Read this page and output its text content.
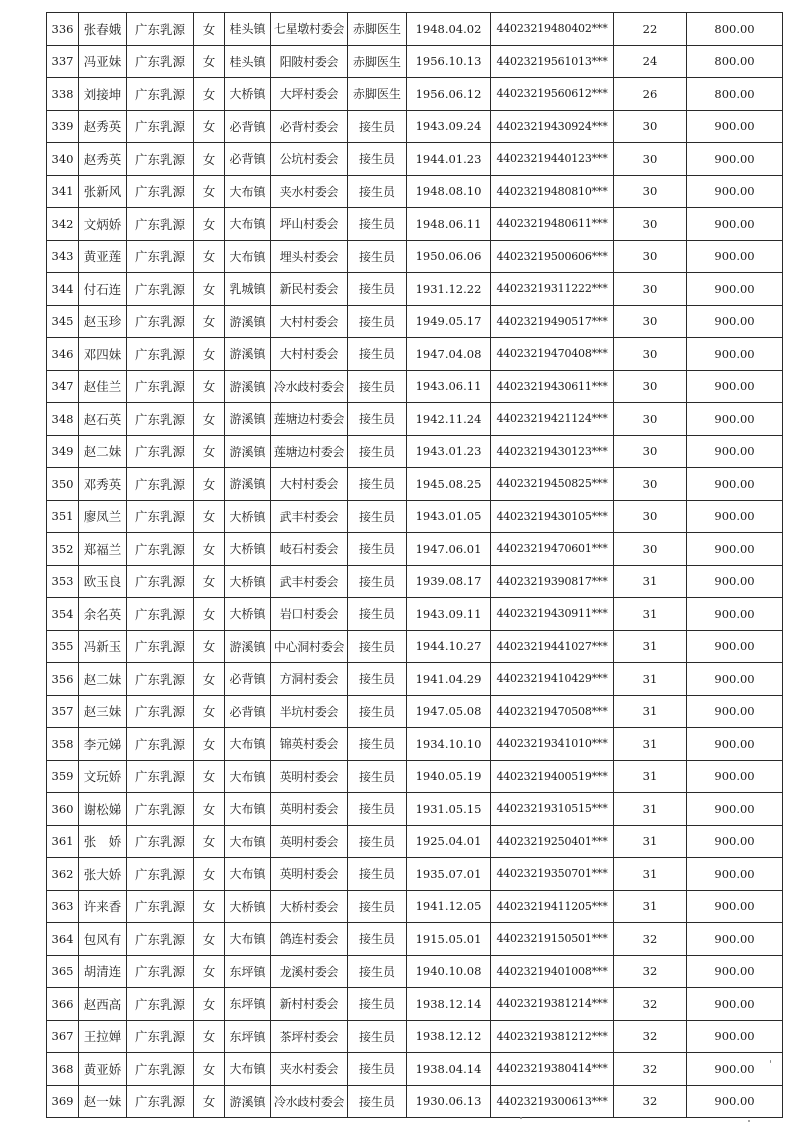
336	张春娥	广东乳源	女	桂头镇	七星墩村委会	赤脚医生	1948.04.02	44023219480402***	22	800.00
337	冯亚妹	广东乳源	女	桂头镇	阳陂村委会	赤脚医生	1956.10.13	44023219561013***	24	800.00
338	刘接坤	广东乳源	女	大桥镇	大坪村委会	赤脚医生	1956.06.12	44023219560612***	26	800.00
339	赵秀英	广东乳源	女	必背镇	必背村委会	接生员	1943.09.24	44023219430924***	30	900.00
340	赵秀英	广东乳源	女	必背镇	公坑村委会	接生员	1944.01.23	44023219440123***	30	900.00
341	张新风	广东乳源	女	大布镇	夹水村委会	接生员	1948.08.10	44023219480810***	30	900.00
342	文炳娇	广东乳源	女	大布镇	坪山村委会	接生员	1948.06.11	44023219480611***	30	900.00
343	黄亚莲	广东乳源	女	大布镇	埋头村委会	接生员	1950.06.06	44023219500606***	30	900.00
344	付石连	广东乳源	女	乳城镇	新民村委会	接生员	1931.12.22	44023219311222***	30	900.00
345	赵玉珍	广东乳源	女	游溪镇	大村村委会	接生员	1949.05.17	44023219490517***	30	900.00
346	邓四妹	广东乳源	女	游溪镇	大村村委会	接生员	1947.04.08	44023219470408***	30	900.00
347	赵佳兰	广东乳源	女	游溪镇	冷水歧村委会	接生员	1943.06.11	44023219430611***	30	900.00
348	赵石英	广东乳源	女	游溪镇	莲塘边村委会	接生员	1942.11.24	44023219421124***	30	900.00
349	赵二妹	广东乳源	女	游溪镇	莲塘边村委会	接生员	1943.01.23	44023219430123***	30	900.00
350	邓秀英	广东乳源	女	游溪镇	大村村委会	接生员	1945.08.25	44023219450825***	30	900.00
351	廖凤兰	广东乳源	女	大桥镇	武丰村委会	接生员	1943.01.05	44023219430105***	30	900.00
352	郑福兰	广东乳源	女	大桥镇	岐石村委会	接生员	1947.06.01	44023219470601***	30	900.00
353	欧玉良	广东乳源	女	大桥镇	武丰村委会	接生员	1939.08.17	44023219390817***	31	900.00
354	余名英	广东乳源	女	大桥镇	岩口村委会	接生员	1943.09.11	44023219430911***	31	900.00
355	冯新玉	广东乳源	女	游溪镇	中心洞村委会	接生员	1944.10.27	44023219441027***	31	900.00
356	赵二妹	广东乳源	女	必背镇	方洞村委会	接生员	1941.04.29	44023219410429***	31	900.00
357	赵三妹	广东乳源	女	必背镇	半坑村委会	接生员	1947.05.08	44023219470508***	31	900.00
358	李元娣	广东乳源	女	大布镇	锦英村委会	接生员	1934.10.10	44023219341010***	31	900.00
359	文玩娇	广东乳源	女	大布镇	英明村委会	接生员	1940.05.19	44023219400519***	31	900.00
360	谢松娣	广东乳源	女	大布镇	英明村委会	接生员	1931.05.15	44023219310515***	31	900.00
361	张　娇	广东乳源	女	大布镇	英明村委会	接生员	1925.04.01	44023219250401***	31	900.00
362	张大娇	广东乳源	女	大布镇	英明村委会	接生员	1935.07.01	44023219350701***	31	900.00
363	许来香	广东乳源	女	大桥镇	大桥村委会	接生员	1941.12.05	44023219411205***	31	900.00
364	包风有	广东乳源	女	大布镇	鸽连村委会	接生员	1915.05.01	44023219150501***	32	900.00
365	胡清连	广东乳源	女	东坪镇	龙溪村委会	接生员	1940.10.08	44023219401008***	32	900.00
366	赵西高	广东乳源	女	东坪镇	新村村委会	接生员	1938.12.14	44023219381214***	32	900.00
367	王拉婵	广东乳源	女	东坪镇	茶坪村委会	接生员	1938.12.12	44023219381212***	32	900.00
368	黄亚娇	广东乳源	女	大布镇	夹水村委会	接生员	1938.04.14	44023219380414***	32	900.00
369	赵一妹	广东乳源	女	游溪镇	冷水歧村委会	接生员	1930.06.13	44023219300613***	32	900.00
